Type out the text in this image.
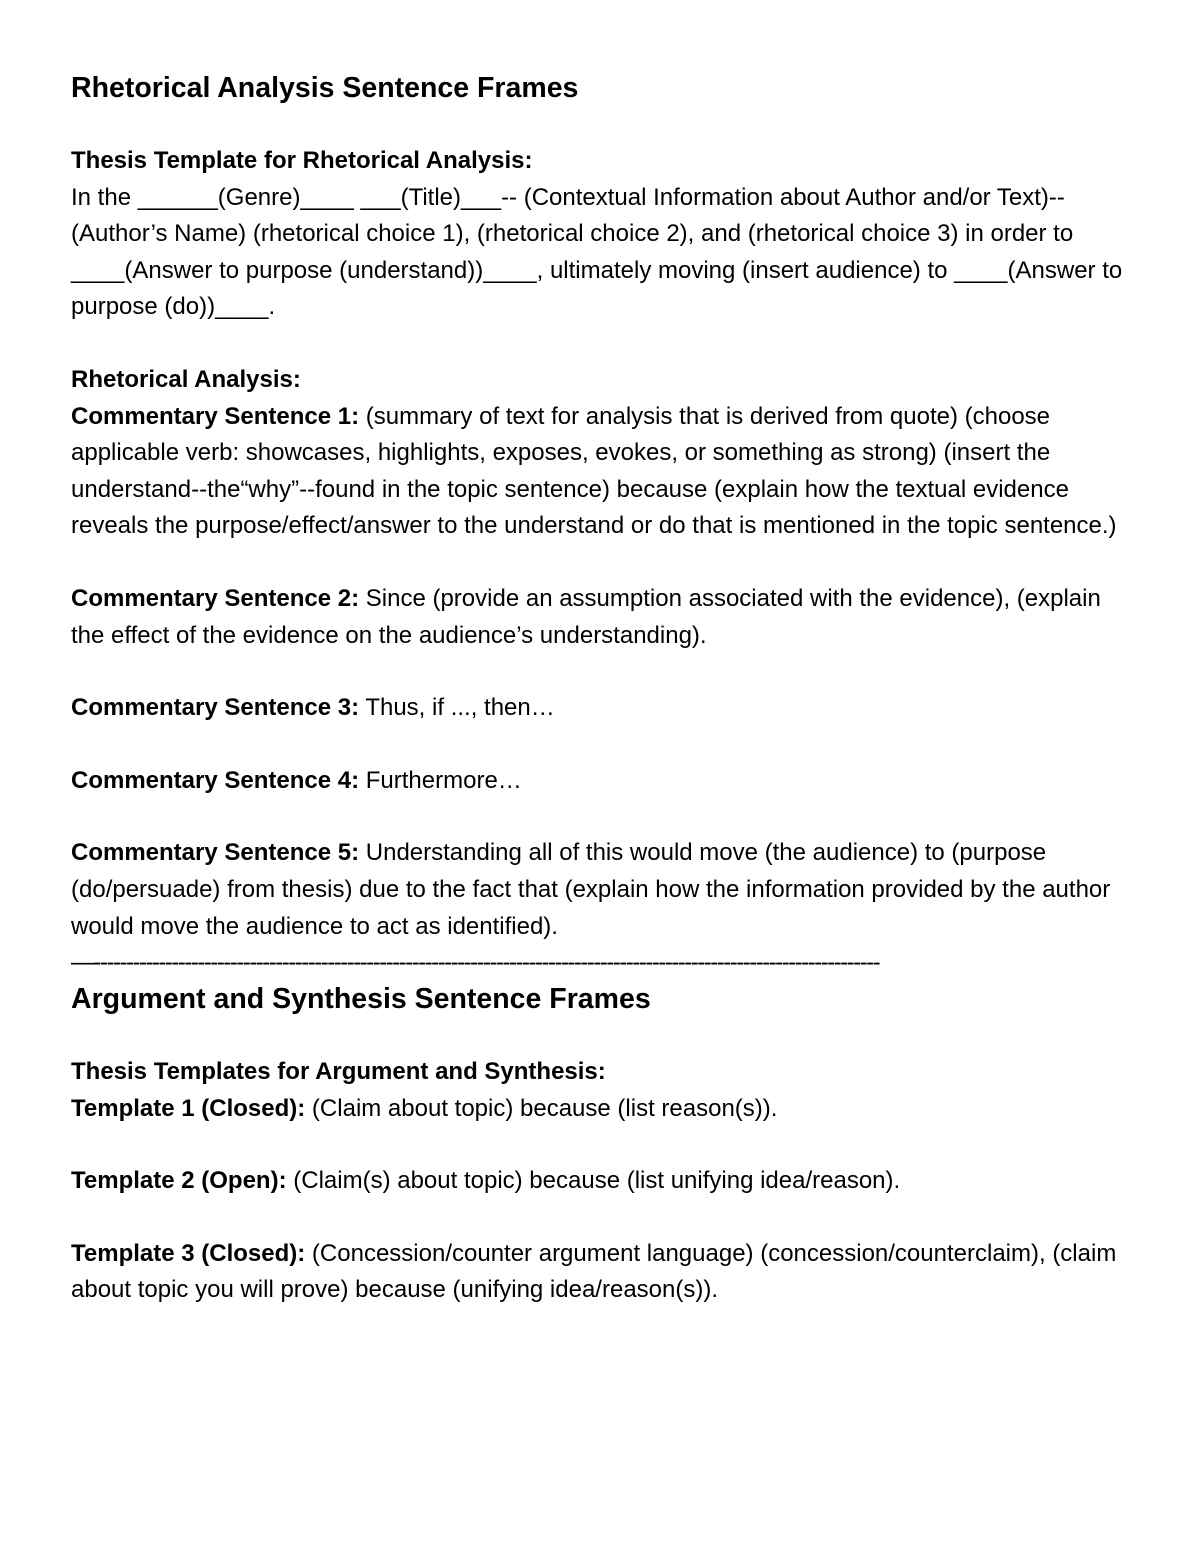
Rhetorical Analysis Sentence Frames

Thesis Template for Rhetorical Analysis:

In the ______(Genre)____ ___(Title)___-- (Contextual Information about Author and/or Text)-- (Author’s Name) (rhetorical choice 1), (rhetorical choice 2), and (rhetorical choice 3) in order to ____(Answer to purpose (understand))____, ultimately moving (insert audience) to ____(Answer to purpose (do))____.

Rhetorical Analysis:

Commentary Sentence 1: (summary of text for analysis that is derived from quote) (choose applicable verb: showcases, highlights, exposes, evokes, or something as strong) (insert the understand--the“why”--found in the topic sentence) because (explain how the textual evidence reveals the purpose/effect/answer to the understand or do that is mentioned in the topic sentence.)

Commentary Sentence 2: Since (provide an assumption associated with the evidence), (explain the effect of the evidence on the audience’s understanding).

Commentary Sentence 3: Thus, if ..., then…

Commentary Sentence 4: Furthermore…

Commentary Sentence 5: Understanding all of this would move (the audience) to (purpose (do/persuade) from thesis) due to the fact that (explain how the information provided by the author would move the audience to act as identified).

—-------------------------------------------------------------------------------------------------------------------------
Argument and Synthesis Sentence Frames

Thesis Templates for Argument and Synthesis:

Template 1 (Closed): (Claim about topic) because (list reason(s)).

Template 2 (Open): (Claim(s) about topic) because (list unifying idea/reason).

Template 3 (Closed): (Concession/counter argument language) (concession/counterclaim), (claim about topic you will prove) because (unifying idea/reason(s)).
